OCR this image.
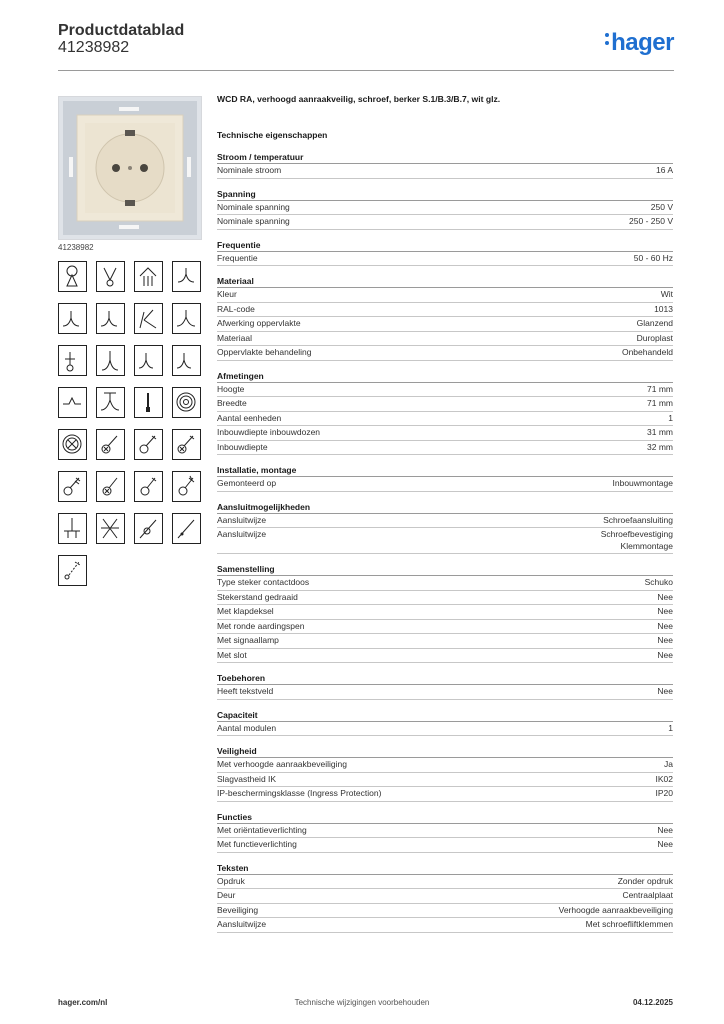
Productdatablad
41238982	hager
41238982
WCD RA, verhoogd aanraakveilig, schroef, berker S.1/B.3/B.7, wit glz.
Technische eigenschappen
Stroom / temperatuur
Nominale stroom	16 A
Spanning
Nominale spanning	250 V
Nominale spanning	250 - 250 V
Frequentie
Frequentie	50 - 60 Hz
Materiaal
Kleur	Wit
RAL-code	1013
Afwerking oppervlakte	Glanzend
Materiaal	Duroplast
Oppervlakte behandeling	Onbehandeld
Afmetingen
Hoogte	71 mm
Breedte	71 mm
Aantal eenheden	1
Inbouwdiepte inbouwdozen	31 mm
Inbouwdiepte	32 mm
Installatie, montage
Gemonteerd op	Inbouwmontage
Aansluitmogelijkheden
Aansluitwijze	Schroefaansluiting
Aansluitwijze	Schroefbevestiging
Klemmontage
Samenstelling
Type steker contactdoos	Schuko
Stekerstand gedraaid	Nee
Met klapdeksel	Nee
Met ronde aardingspen	Nee
Met signaallamp	Nee
Met slot	Nee
Toebehoren
Heeft tekstveld	Nee
Capaciteit
Aantal modulen	1
Veiligheid
Met verhoogde aanraakbeveiliging	Ja
Slagvastheid IK	IK02
IP-beschermingsklasse (Ingress Protection)	IP20
Functies
Met oriëntatieverlichting	Nee
Met functieverlichting	Nee
Teksten
Opdruk	Zonder opdruk
Deur	Centraalplaat
Beveiliging	Verhoogde aanraakbeveiliging
Aansluitwijze	Met schroefliftklemmen
hager.com/nl	Technische wijzigingen voorbehouden	04.12.2025
